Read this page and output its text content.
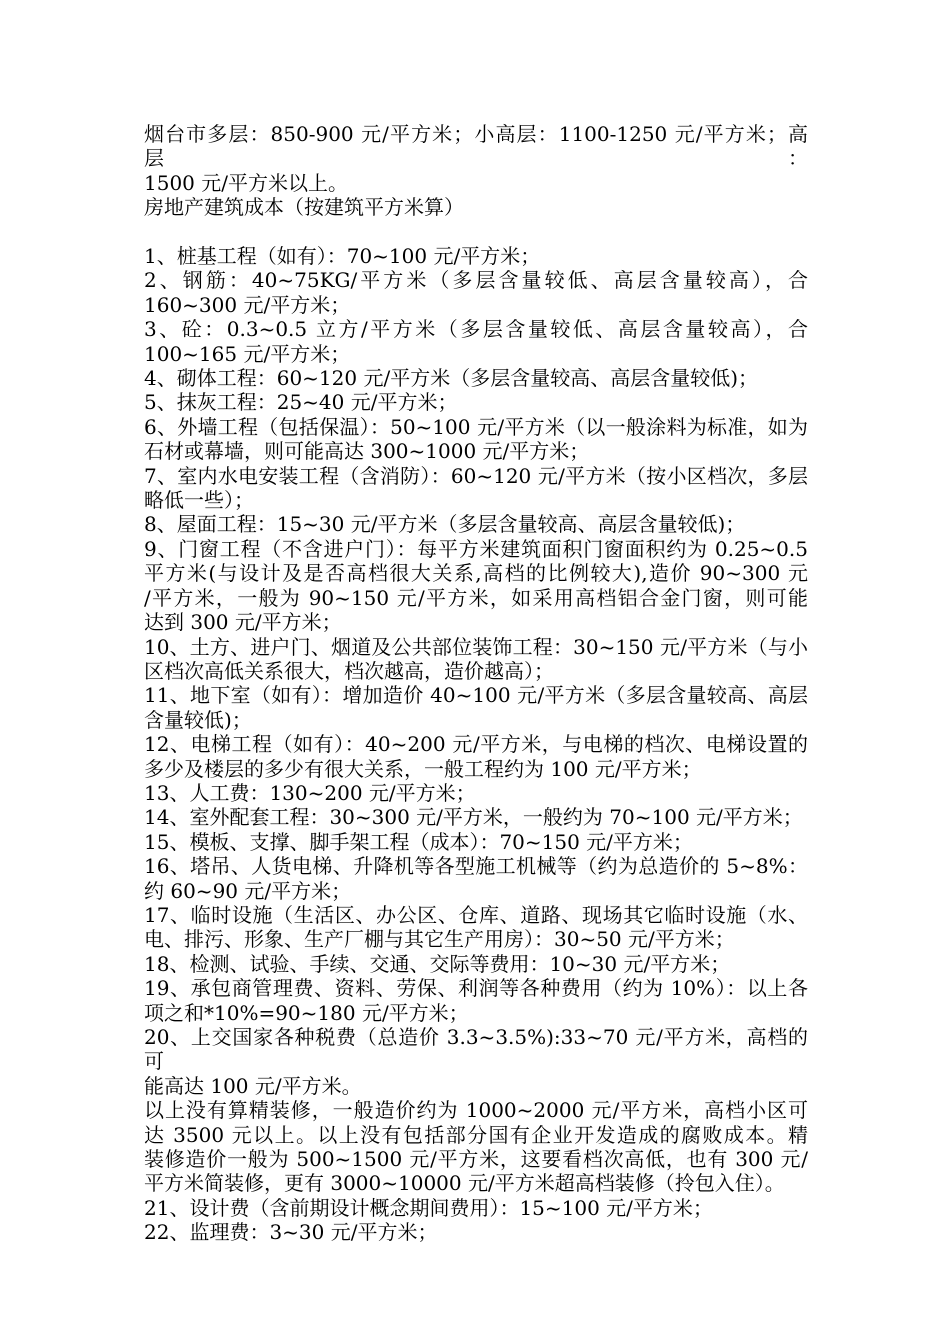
烟台市多层：850-900 元/平方米；小高层：1100-1250 元/平方米；高层：
1500 元/平方米以上。
房地产建筑成本（按建筑平方米算）
1、桩基工程（如有）：70~100 元/平方米；
2、钢筋：40~75KG/平方米（多层含量较低、高层含量较高），合
160~300 元/平方米；
3、砼：0.3~0.5 立方/平方米（多层含量较低、高层含量较高），合
100~165 元/平方米；
4、砌体工程：60~120 元/平方米（多层含量较高、高层含量较低)；
5、抹灰工程：25~40 元/平方米；
6、外墙工程（包括保温）：50~100 元/平方米（以一般涂料为标准，如为
石材或幕墙，则可能高达 300~1000 元/平方米；
7、室内水电安装工程（含消防）：60~120 元/平方米（按小区档次，多层
略低一些）；
8、屋面工程：15~30 元/平方米（多层含量较高、高层含量较低)；
9、门窗工程（不含进户门）：每平方米建筑面积门窗面积约为 0.25~0.5
平方米(与设计及是否高档很大关系,高档的比例较大),造价 90~300 元
/平方米，一般为 90~150 元/平方米，如采用高档铝合金门窗，则可能
达到 300 元/平方米；
10、土方、进户门、烟道及公共部位装饰工程：30~150 元/平方米（与小
区档次高低关系很大，档次越高，造价越高）；
11、地下室（如有）：增加造价 40~100 元/平方米（多层含量较高、高层
含量较低)；
12、电梯工程（如有）：40~200 元/平方米，与电梯的档次、电梯设置的
多少及楼层的多少有很大关系，一般工程约为 100 元/平方米；
13、人工费：130~200 元/平方米；
14、室外配套工程：30~300 元/平方米，一般约为 70~100 元/平方米；
15、模板、支撑、脚手架工程（成本）：70~150 元/平方米；
16、塔吊、人货电梯、升降机等各型施工机械等（约为总造价的 5~8%：
约 60~90 元/平方米；
17、临时设施（生活区、办公区、仓库、道路、现场其它临时设施（水、
电、排污、形象、生产厂棚与其它生产用房）：30~50 元/平方米；
18、检测、试验、手续、交通、交际等费用：10~30 元/平方米；
19、承包商管理费、资料、劳保、利润等各种费用（约为 10%）：以上各
项之和*10%=90~180 元/平方米；
20、上交国家各种税费（总造价 3.3~3.5%):33~70 元/平方米，高档的可
能高达 100 元/平方米。
以上没有算精装修，一般造价约为 1000~2000 元/平方米，高档小区可
达 3500 元以上。以上没有包括部分国有企业开发造成的腐败成本。精
装修造价一般为 500~1500 元/平方米，这要看档次高低，也有 300 元/
平方米简装修，更有 3000~10000 元/平方米超高档装修（拎包入住）。
21、设计费（含前期设计概念期间费用）：15~100 元/平方米；
22、监理费：3~30 元/平方米；
